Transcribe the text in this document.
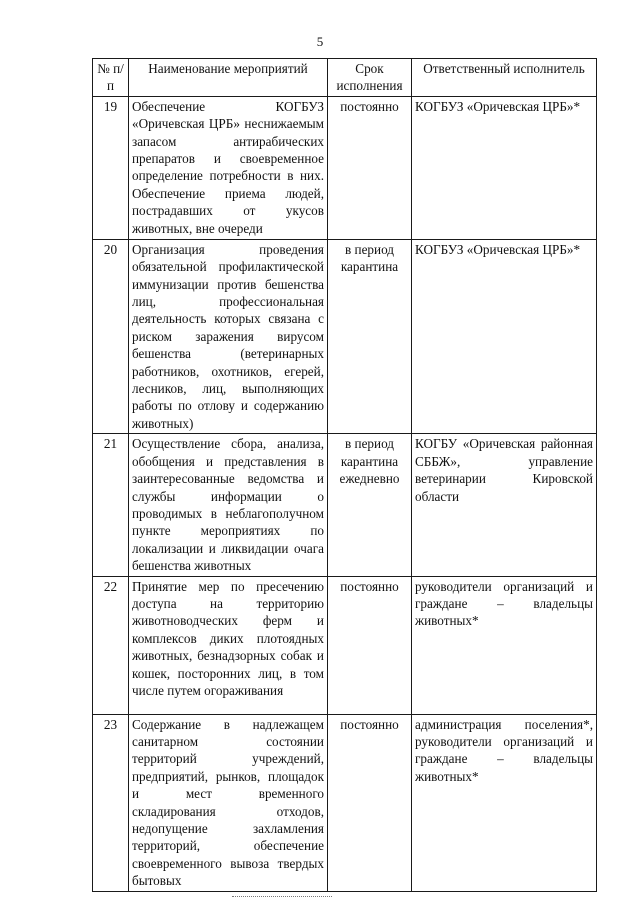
5
№ п/п	Наименование мероприятий	Срок исполнения	Ответственный исполнитель
19	Обеспечение КОГБУЗ «Оричевская ЦРБ» неснижаемым запасом антирабических препаратов и своевременное определение потребности в них. Обеспечение приема людей, пострадавших от укусов животных, вне очереди	постоянно	КОГБУЗ «Оричевская ЦРБ»*
20	Организация проведения обязательной профилактической иммунизации против бешенства лиц, профессиональная деятельность которых связана с риском заражения вирусом бешенства (ветеринарных работников, охотников, егерей, лесников, лиц, выполняющих работы по отлову и содержанию животных)	в период карантина	КОГБУЗ «Оричевская ЦРБ»*
21	Осуществление сбора, анализа, обобщения и представления в заинтересованные ведомства и службы информации о проводимых в неблагополучном пункте мероприятиях по локализации и ликвидации очага бешенства животных	в период карантина ежедневно	КОГБУ «Оричевская районная СББЖ», управление ветеринарии Кировской области
22	Принятие мер по пресечению доступа на территорию животноводческих ферм и комплексов диких плотоядных животных, безнадзорных собак и кошек, посторонних лиц, в том числе путем огораживания	постоянно	руководители организаций и граждане – владельцы животных*
23	Содержание в надлежащем санитарном состоянии территорий учреждений, предприятий, рынков, площадок и мест временного складирования отходов, недопущение захламления территорий, обеспечение своевременного вывоза твердых бытовых	постоянно	администрация поселения*, руководители организаций и граждане – владельцы животных*
